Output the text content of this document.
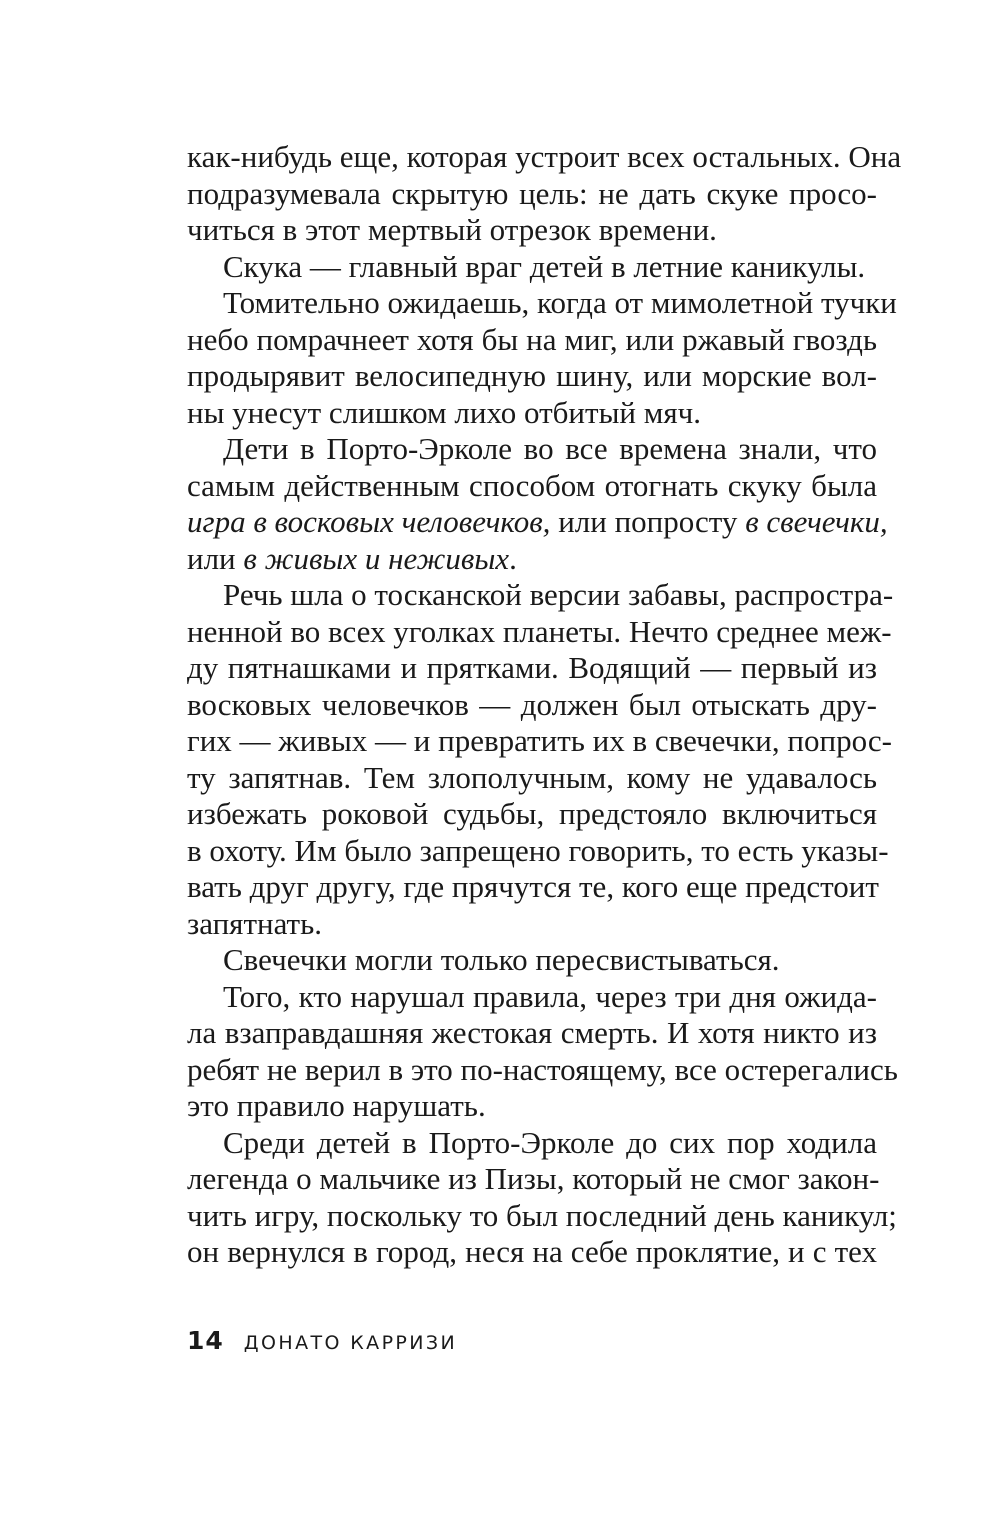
как-нибудь еще, которая устроит всех остальных. Она
подразумевала скрытую цель: не дать скуке просо-
читься в этот мертвый отрезок времени.
Скука — главный враг детей в летние каникулы.
Томительно ожидаешь, когда от мимолетной тучки
небо помрачнеет хотя бы на миг, или ржавый гвоздь
продырявит велосипедную шину, или морские вол-
ны унесут слишком лихо отбитый мяч.
Дети в Порто-Эрколе во все времена знали, что
самым действенным способом отогнать скуку была
игра в восковых человечков, или попросту в свечечки,
или в живых и неживых.
Речь шла о тосканской версии забавы, распростра-
ненной во всех уголках планеты. Нечто среднее меж-
ду пятнашками и прятками. Водящий — первый из
восковых человечков — должен был отыскать дру-
гих — живых — и превратить их в свечечки, попрос-
ту запятнав. Тем злополучным, кому не удавалось
избежать роковой судьбы, предстояло включиться
в охоту. Им было запрещено говорить, то есть указы-
вать друг другу, где прячутся те, кого еще предстоит
запятнать.
Свечечки могли только пересвистываться.
Того, кто нарушал правила, через три дня ожида-
ла взаправдашняя жестокая смерть. И хотя никто из
ребят не верил в это по-настоящему, все остерегались
это правило нарушать.
Среди детей в Порто-Эрколе до сих пор ходила
легенда о мальчике из Пизы, который не смог закон-
чить игру, поскольку то был последний день каникул;
он вернулся в город, неся на себе проклятие, и с тех
14 ДОНАТО КАРРИЗИ
